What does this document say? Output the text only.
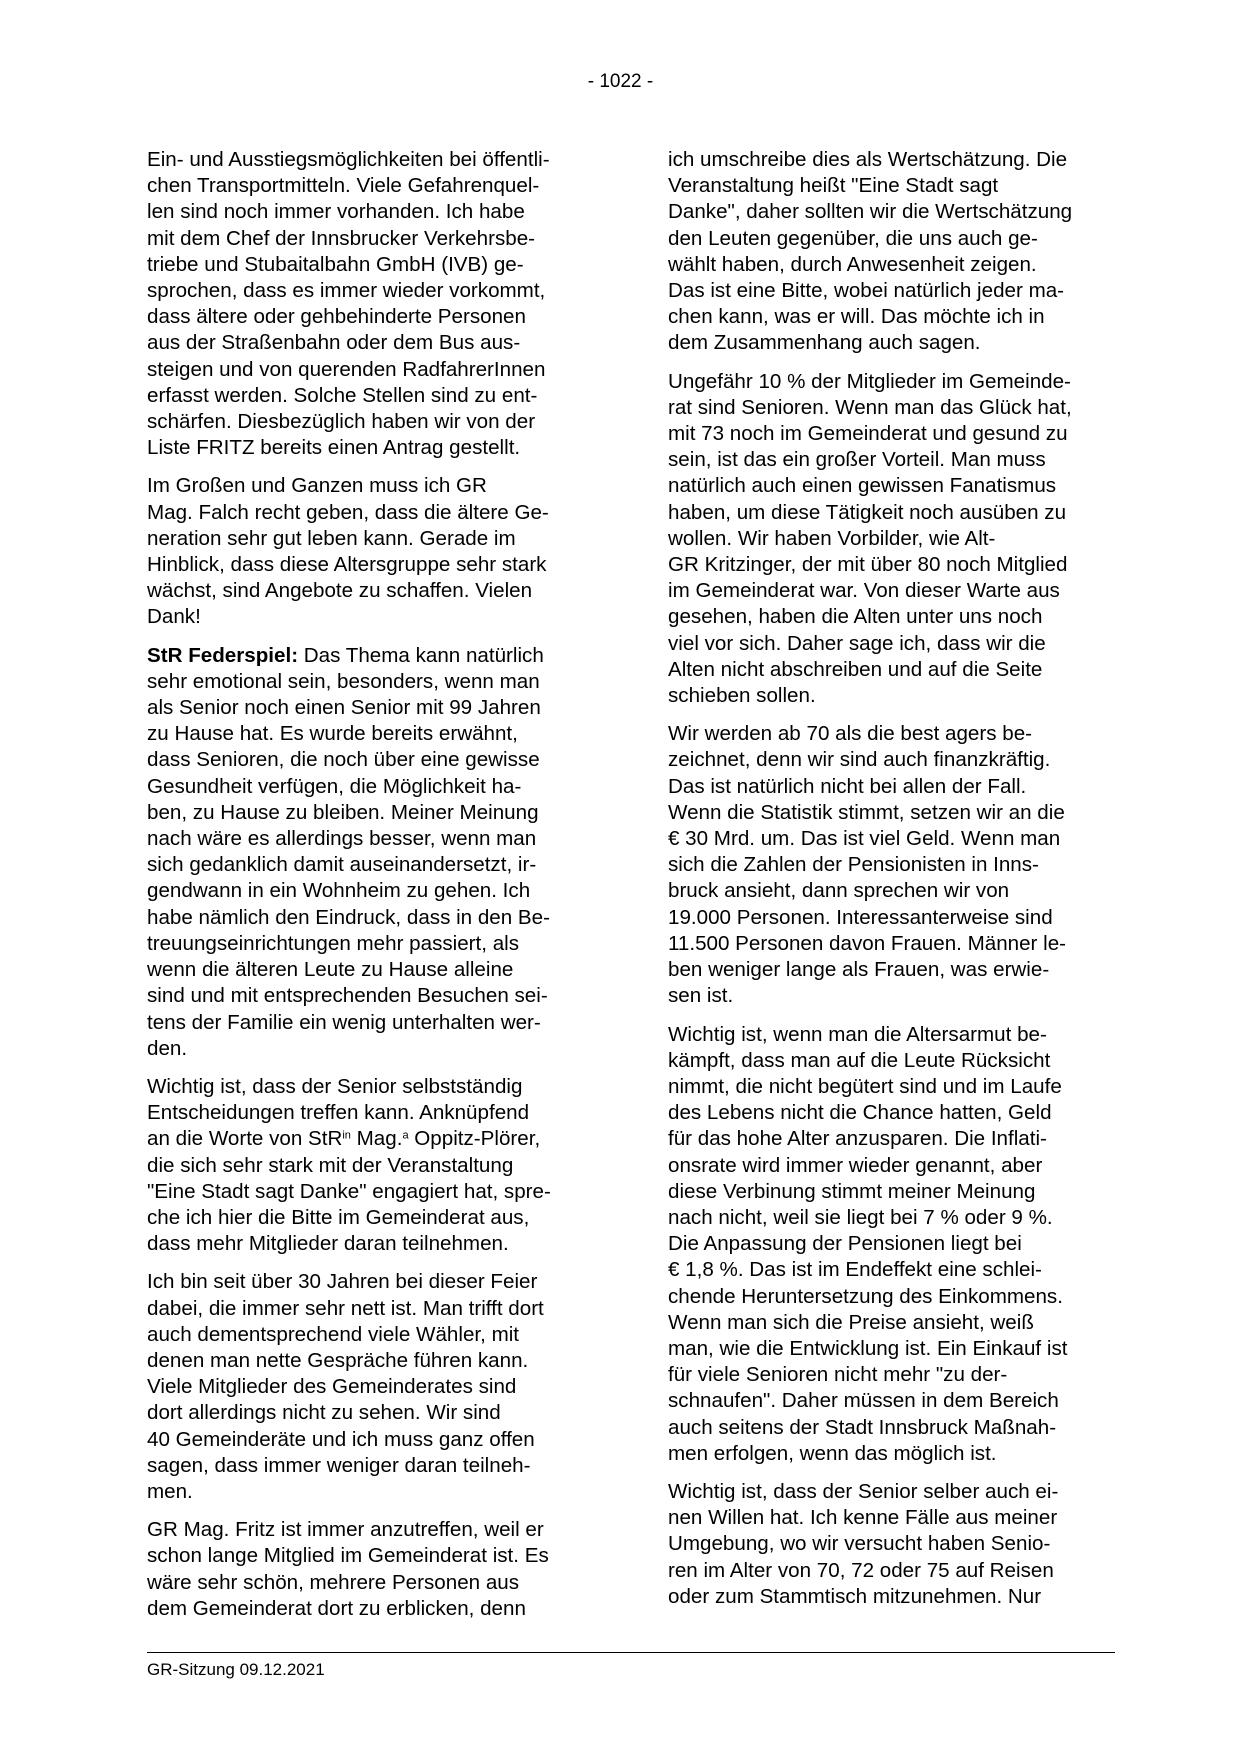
- 1022 -

Ein- und Ausstiegsmöglichkeiten bei öffentli-
chen Transportmitteln. Viele Gefahrenquel-
len sind noch immer vorhanden. Ich habe
mit dem Chef der Innsbrucker Verkehrsbe-
triebe und Stubaitalbahn GmbH (IVB) ge-
sprochen, dass es immer wieder vorkommt,
dass ältere oder gehbehinderte Personen
aus der Straßenbahn oder dem Bus aus-
steigen und von querenden RadfahrerInnen
erfasst werden. Solche Stellen sind zu ent-
schärfen. Diesbezüglich haben wir von der
Liste FRITZ bereits einen Antrag gestellt.

Im Großen und Ganzen muss ich GR
Mag. Falch recht geben, dass die ältere Ge-
neration sehr gut leben kann. Gerade im
Hinblick, dass diese Altersgruppe sehr stark
wächst, sind Angebote zu schaffen. Vielen
Dank!

StR Federspiel: Das Thema kann natürlich
sehr emotional sein, besonders, wenn man
als Senior noch einen Senior mit 99 Jahren
zu Hause hat. Es wurde bereits erwähnt,
dass Senioren, die noch über eine gewisse
Gesundheit verfügen, die Möglichkeit ha-
ben, zu Hause zu bleiben. Meiner Meinung
nach wäre es allerdings besser, wenn man
sich gedanklich damit auseinandersetzt, ir-
gendwann in ein Wohnheim zu gehen. Ich
habe nämlich den Eindruck, dass in den Be-
treuungseinrichtungen mehr passiert, als
wenn die älteren Leute zu Hause alleine
sind und mit entsprechenden Besuchen sei-
tens der Familie ein wenig unterhalten wer-
den.

Wichtig ist, dass der Senior selbstständig
Entscheidungen treffen kann. Anknüpfend
an die Worte von StR$^{in}$ Mag.$^a$ Oppitz-Plörer,
die sich sehr stark mit der Veranstaltung
"Eine Stadt sagt Danke" engagiert hat, spre-
che ich hier die Bitte im Gemeinderat aus,
dass mehr Mitglieder daran teilnehmen.

Ich bin seit über 30 Jahren bei dieser Feier
dabei, die immer sehr nett ist. Man trifft dort
auch dementsprechend viele Wähler, mit
denen man nette Gespräche führen kann.
Viele Mitglieder des Gemeinderates sind
dort allerdings nicht zu sehen. Wir sind
40 Gemeinderäte und ich muss ganz offen
sagen, dass immer weniger daran teilneh-
men.

GR Mag. Fritz ist immer anzutreffen, weil er
schon lange Mitglied im Gemeinderat ist. Es
wäre sehr schön, mehrere Personen aus
dem Gemeinderat dort zu erblicken, denn

ich umschreibe dies als Wertschätzung. Die
Veranstaltung heißt "Eine Stadt sagt
Danke", daher sollten wir die Wertschätzung
den Leuten gegenüber, die uns auch ge-
wählt haben, durch Anwesenheit zeigen.
Das ist eine Bitte, wobei natürlich jeder ma-
chen kann, was er will. Das möchte ich in
dem Zusammenhang auch sagen.

Ungefähr 10 % der Mitglieder im Gemeinde-
rat sind Senioren. Wenn man das Glück hat,
mit 73 noch im Gemeinderat und gesund zu
sein, ist das ein großer Vorteil. Man muss
natürlich auch einen gewissen Fanatismus
haben, um diese Tätigkeit noch ausüben zu
wollen. Wir haben Vorbilder, wie Alt-
GR Kritzinger, der mit über 80 noch Mitglied
im Gemeinderat war. Von dieser Warte aus
gesehen, haben die Alten unter uns noch
viel vor sich. Daher sage ich, dass wir die
Alten nicht abschreiben und auf die Seite
schieben sollen.

Wir werden ab 70 als die best agers be-
zeichnet, denn wir sind auch finanzkräftig.
Das ist natürlich nicht bei allen der Fall.
Wenn die Statistik stimmt, setzen wir an die
€ 30 Mrd. um. Das ist viel Geld. Wenn man
sich die Zahlen der Pensionisten in Inns-
bruck ansieht, dann sprechen wir von
19.000 Personen. Interessanterweise sind
11.500 Personen davon Frauen. Männer le-
ben weniger lange als Frauen, was erwie-
sen ist.

Wichtig ist, wenn man die Altersarmut be-
kämpft, dass man auf die Leute Rücksicht
nimmt, die nicht begütert sind und im Laufe
des Lebens nicht die Chance hatten, Geld
für das hohe Alter anzusparen. Die Inflati-
onsrate wird immer wieder genannt, aber
diese Verbinung stimmt meiner Meinung
nach nicht, weil sie liegt bei 7 % oder 9 %.
Die Anpassung der Pensionen liegt bei
€ 1,8 %. Das ist im Endeffekt eine schlei-
chende Heruntersetzung des Einkommens.
Wenn man sich die Preise ansieht, weiß
man, wie die Entwicklung ist. Ein Einkauf ist
für viele Senioren nicht mehr "zu der-
schnaufen". Daher müssen in dem Bereich
auch seitens der Stadt Innsbruck Maßnah-
men erfolgen, wenn das möglich ist.

Wichtig ist, dass der Senior selber auch ei-
nen Willen hat. Ich kenne Fälle aus meiner
Umgebung, wo wir versucht haben Senio-
ren im Alter von 70, 72 oder 75 auf Reisen
oder zum Stammtisch mitzunehmen. Nur

GR-Sitzung 09.12.2021
